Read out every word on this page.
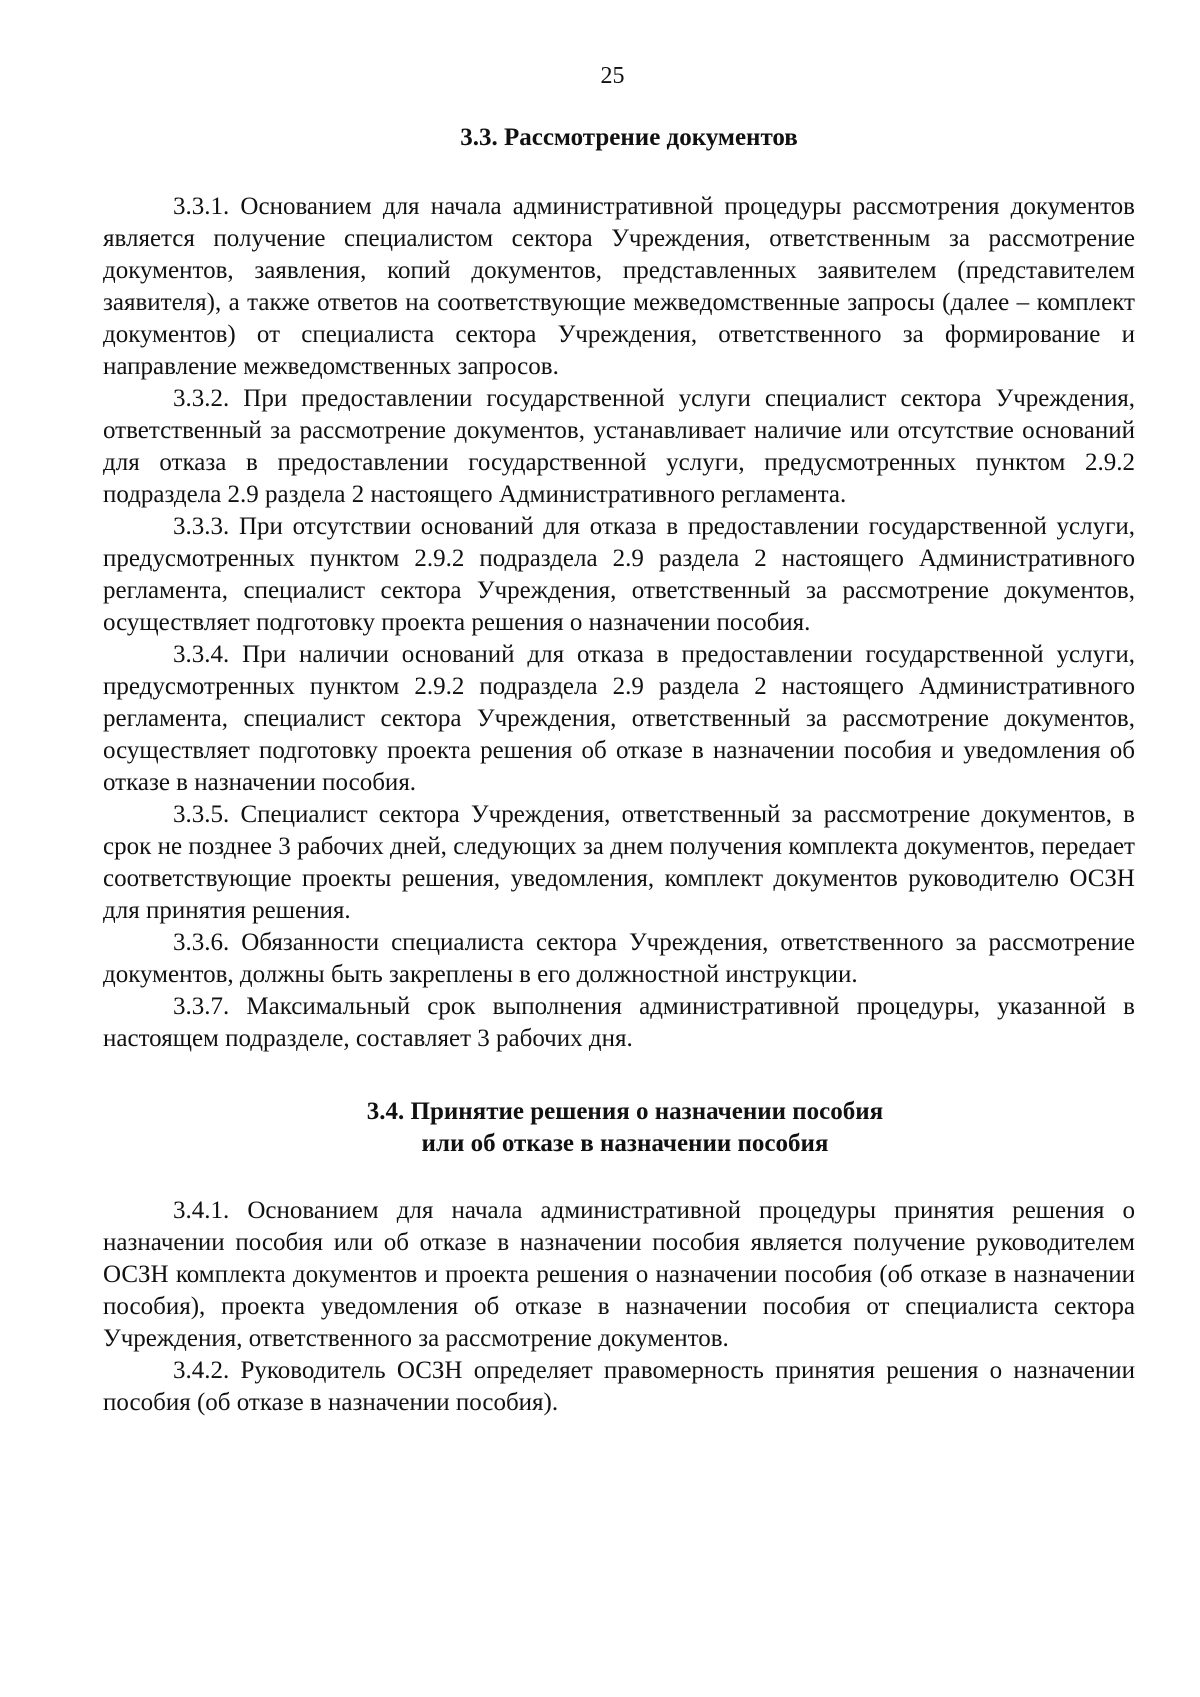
25
3.3. Рассмотрение документов

3.3.1. Основанием для начала административной процедуры рассмотрения документов является получение специалистом сектора Учреждения, ответственным за рассмотрение документов, заявления, копий документов, представленных заявителем (представителем заявителя), а также ответов на соответствующие межведомственные запросы (далее – комплект документов) от специалиста сектора Учреждения, ответственного за формирование и направление межведомственных запросов.

3.3.2. При предоставлении государственной услуги специалист сектора Учреждения, ответственный за рассмотрение документов, устанавливает наличие или отсутствие оснований для отказа в предоставлении государственной услуги, предусмотренных пунктом 2.9.2 подраздела 2.9 раздела 2 настоящего Административного регламента.

3.3.3. При отсутствии оснований для отказа в предоставлении государственной услуги, предусмотренных пунктом 2.9.2 подраздела 2.9 раздела 2 настоящего Административного регламента, специалист сектора Учреждения, ответственный за рассмотрение документов, осуществляет подготовку проекта решения о назначении пособия.

3.3.4. При наличии оснований для отказа в предоставлении государственной услуги, предусмотренных пунктом 2.9.2 подраздела 2.9 раздела 2 настоящего Административного регламента, специалист сектора Учреждения, ответственный за рассмотрение документов, осуществляет подготовку проекта решения об отказе в назначении пособия и уведомления об отказе в назначении пособия.

3.3.5. Специалист сектора Учреждения, ответственный за рассмотрение документов, в срок не позднее 3 рабочих дней, следующих за днем получения комплекта документов, передает соответствующие проекты решения, уведомления, комплект документов руководителю ОСЗН для принятия решения.

3.3.6. Обязанности специалиста сектора Учреждения, ответственного за рассмотрение документов, должны быть закреплены в его должностной инструкции.

3.3.7. Максимальный срок выполнения административной процедуры, указанной в настоящем подразделе, составляет 3 рабочих дня.

3.4. Принятие решения о назначении пособия
или об отказе в назначении пособия

3.4.1. Основанием для начала административной процедуры принятия решения о назначении пособия или об отказе в назначении пособия является получение руководителем ОСЗН комплекта документов и проекта решения о назначении пособия (об отказе в назначении пособия), проекта уведомления об отказе в назначении пособия от специалиста сектора Учреждения, ответственного за рассмотрение документов.

3.4.2. Руководитель ОСЗН определяет правомерность принятия решения о назначении пособия (об отказе в назначении пособия).
